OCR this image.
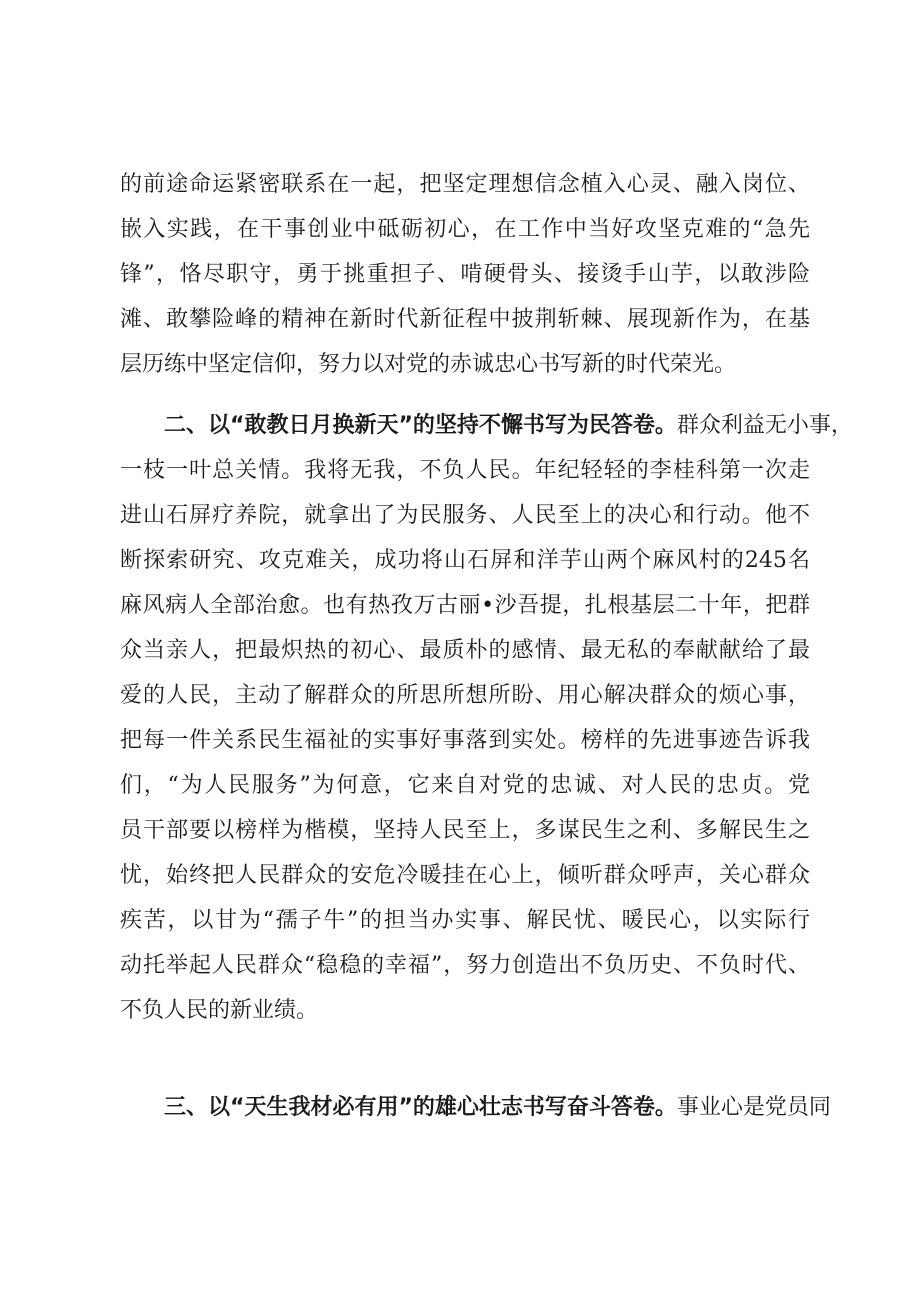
的前途命运紧密联系在一起，把坚定理想信念植入心灵、融入岗位、
嵌入实践，在干事创业中砥砺初心，在工作中当好攻坚克难的“急先
锋”，恪尽职守，勇于挑重担子、啃硬骨头、接烫手山芋，以敢涉险
滩、敢攀险峰的精神在新时代新征程中披荆斩棘、展现新作为，在基
层历练中坚定信仰，努力以对党的赤诚忠心书写新的时代荣光。
二、以“敢教日月换新天”的坚持不懈书写为民答卷。群众利益无小事，
一枝一叶总关情。我将无我，不负人民。年纪轻轻的李桂科第一次走
进山石屏疗养院，就拿出了为民服务、人民至上的决心和行动。他不
断探索研究、攻克难关，成功将山石屏和洋芋山两个麻风村的245名
麻风病人全部治愈。也有热孜万古丽•沙吾提，扎根基层二十年，把群
众当亲人，把最炽热的初心、最质朴的感情、最无私的奉献献给了最
爱的人民，主动了解群众的所思所想所盼、用心解决群众的烦心事，
把每一件关系民生福祉的实事好事落到实处。榜样的先进事迹告诉我
们，“为人民服务”为何意，它来自对党的忠诚、对人民的忠贞。党
员干部要以榜样为楷模，坚持人民至上，多谋民生之利、多解民生之
忧，始终把人民群众的安危冷暖挂在心上，倾听群众呼声，关心群众
疾苦，以甘为“孺子牛”的担当办实事、解民忧、暖民心，以实际行
动托举起人民群众“稳稳的幸福”，努力创造出不负历史、不负时代、
不负人民的新业绩。
三、以“天生我材必有用”的雄心壮志书写奋斗答卷。事业心是党员同
